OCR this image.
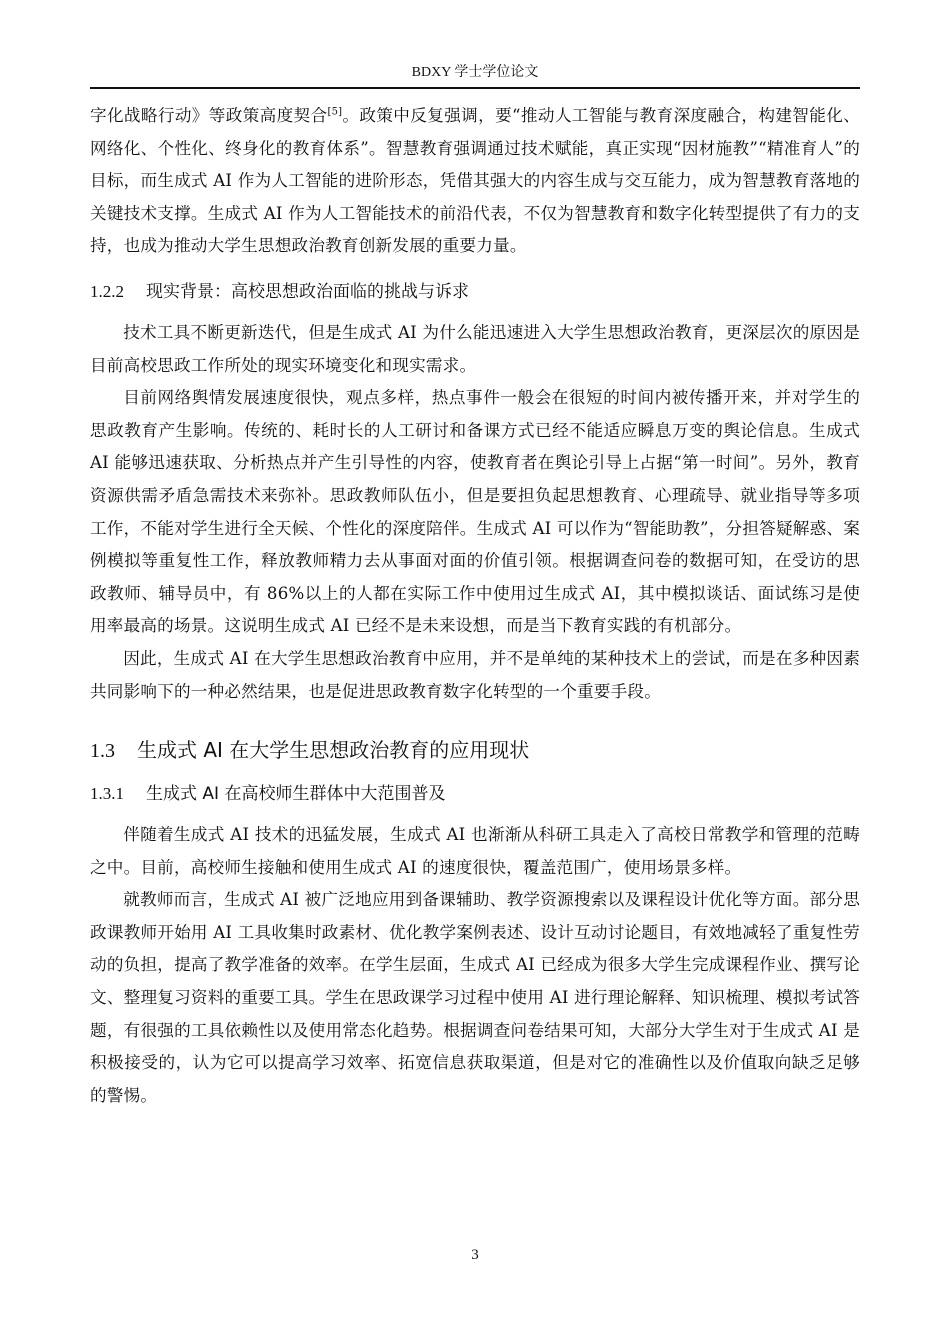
BDXY 学士学位论文

字化战略行动》等政策高度契合[5]。政策中反复强调，要“推动人工智能与教育深度融合，构建智能化、网络化、个性化、终身化的教育体系”。智慧教育强调通过技术赋能，真正实现“因材施教”“精准育人”的目标，而生成式 AI 作为人工智能的进阶形态，凭借其强大的内容生成与交互能力，成为智慧教育落地的关键技术支撑。生成式 AI 作为人工智能技术的前沿代表，不仅为智慧教育和数字化转型提供了有力的支持，也成为推动大学生思想政治教育创新发展的重要力量。

1.2.2 现实背景：高校思想政治面临的挑战与诉求

技术工具不断更新迭代，但是生成式 AI 为什么能迅速进入大学生思想政治教育，更深层次的原因是目前高校思政工作所处的现实环境变化和现实需求。

目前网络舆情发展速度很快，观点多样，热点事件一般会在很短的时间内被传播开来，并对学生的思政教育产生影响。传统的、耗时长的人工研讨和备课方式已经不能适应瞬息万变的舆论信息。生成式 AI 能够迅速获取、分析热点并产生引导性的内容，使教育者在舆论引导上占据“第一时间”。另外，教育资源供需矛盾急需技术来弥补。思政教师队伍小，但是要担负起思想教育、心理疏导、就业指导等多项工作，不能对学生进行全天候、个性化的深度陪伴。生成式 AI 可以作为“智能助教”，分担答疑解惑、案例模拟等重复性工作，释放教师精力去从事面对面的价值引领。根据调查问卷的数据可知，在受访的思政教师、辅导员中，有 86%以上的人都在实际工作中使用过生成式 AI，其中模拟谈话、面试练习是使用率最高的场景。这说明生成式 AI 已经不是未来设想，而是当下教育实践的有机部分。

因此，生成式 AI 在大学生思想政治教育中应用，并不是单纯的某种技术上的尝试，而是在多种因素共同影响下的一种必然结果，也是促进思政教育数字化转型的一个重要手段。

1.3 生成式 AI 在大学生思想政治教育的应用现状
1.3.1 生成式 AI 在高校师生群体中大范围普及

伴随着生成式 AI 技术的迅猛发展，生成式 AI 也渐渐从科研工具走入了高校日常教学和管理的范畴之中。目前，高校师生接触和使用生成式 AI 的速度很快，覆盖范围广，使用场景多样。

就教师而言，生成式 AI 被广泛地应用到备课辅助、教学资源搜索以及课程设计优化等方面。部分思政课教师开始用 AI 工具收集时政素材、优化教学案例表述、设计互动讨论题目，有效地减轻了重复性劳动的负担，提高了教学准备的效率。在学生层面，生成式 AI 已经成为很多大学生完成课程作业、撰写论文、整理复习资料的重要工具。学生在思政课学习过程中使用 AI 进行理论解释、知识梳理、模拟考试答题，有很强的工具依赖性以及使用常态化趋势。根据调查问卷结果可知，大部分大学生对于生成式 AI 是积极接受的，认为它可以提高学习效率、拓宽信息获取渠道，但是对它的准确性以及价值取向缺乏足够的警惕。

3
